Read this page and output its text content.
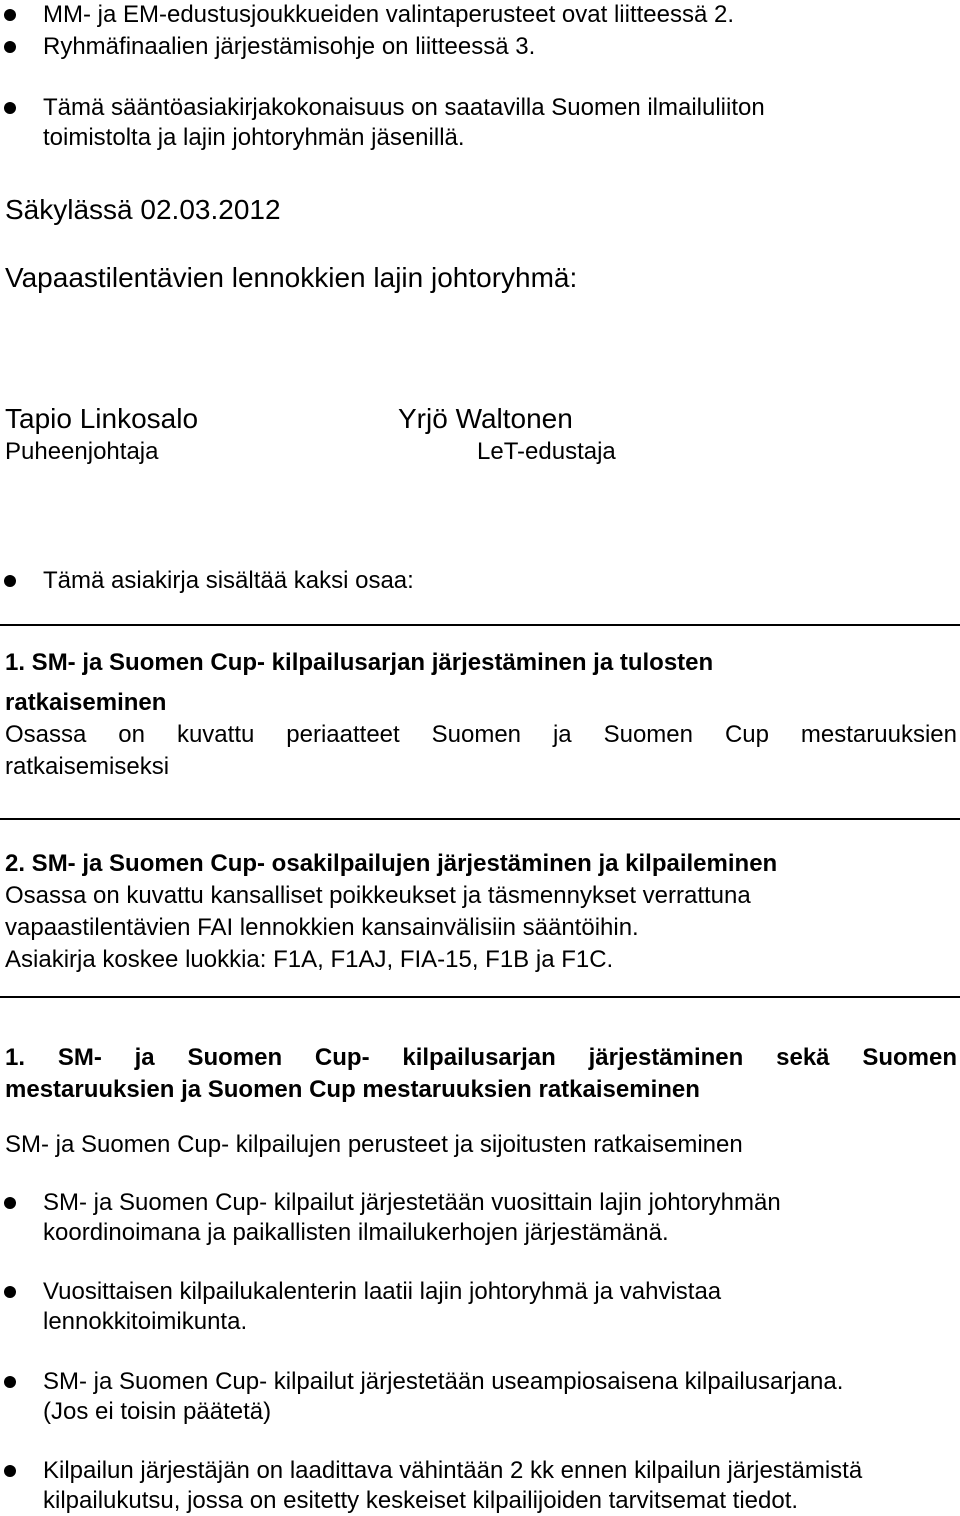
MM- ja EM-edustusjoukkueiden valintaperusteet ovat liitteessä 2.
Ryhmäfinaalien järjestämisohje on liitteessä 3.
Tämä sääntöasiakirjakokonaisuus on saatavilla Suomen ilmailuliiton
toimistolta ja lajin johtoryhmän jäsenillä.
Säkylässä 02.03.2012
Vapaastilentävien lennokkien lajin johtoryhmä:
Tapio Linkosalo
Puheenjohtaja
Yrjö Waltonen
LeT-edustaja
Tämä asiakirja sisältää kaksi osaa:
1. SM- ja Suomen Cup- kilpailusarjan järjestäminen ja tulosten
ratkaiseminen
Osassa on kuvattu periaatteet Suomen ja Suomen Cup mestaruuksien
ratkaisemiseksi
2. SM- ja Suomen Cup- osakilpailujen järjestäminen ja kilpaileminen
Osassa on kuvattu kansalliset poikkeukset ja täsmennykset verrattuna
vapaastilentävien FAI lennokkien kansainvälisiin sääntöihin.
Asiakirja koskee luokkia: F1A, F1AJ, FIA-15, F1B ja F1C.
1. SM- ja Suomen Cup- kilpailusarjan järjestäminen sekä Suomen
mestaruuksien ja Suomen Cup mestaruuksien ratkaiseminen
SM- ja Suomen Cup- kilpailujen perusteet ja sijoitusten ratkaiseminen
SM- ja Suomen Cup- kilpailut järjestetään vuosittain lajin johtoryhmän
koordinoimana ja paikallisten ilmailukerhojen järjestämänä.
Vuosittaisen kilpailukalenterin laatii lajin johtoryhmä ja vahvistaa
lennokkitoimikunta.
SM- ja Suomen Cup- kilpailut järjestetään useampiosaisena kilpailusarjana.
(Jos ei toisin päätetä)
Kilpailun järjestäjän on laadittava vähintään 2 kk ennen kilpailun järjestämistä
kilpailukutsu, jossa on esitetty keskeiset kilpailijoiden tarvitsemat tiedot.
